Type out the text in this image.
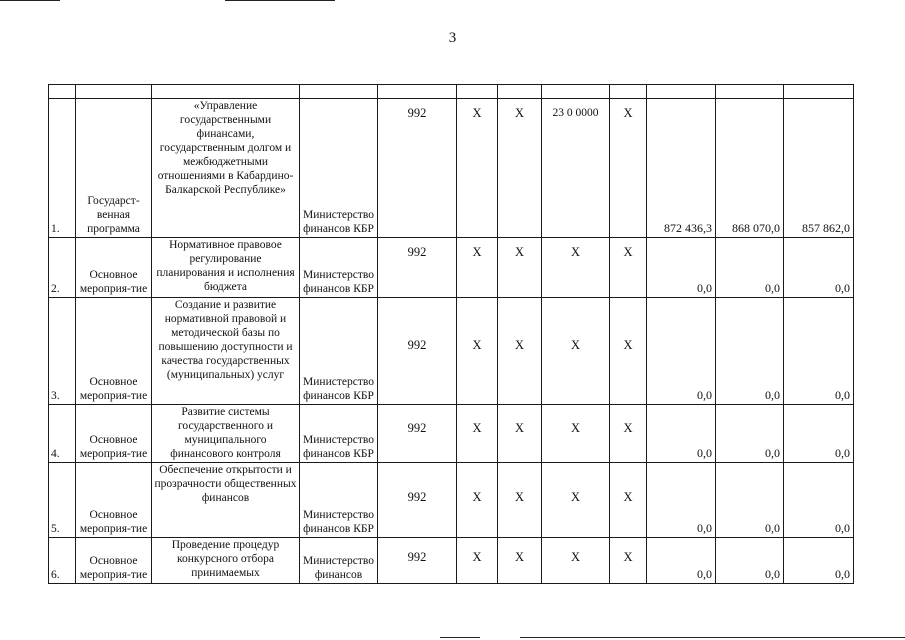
3

1.	Государст-венная программа	«Управление государственными финансами, государственным долгом и межбюджетными отношениями в Кабардино-Балкарской Республике»	Министерство финансов КБР	992	Х	Х	23 0 0000	Х	872 436,3	868 070,0	857 862,0
2.	Основное мероприя-тие	Нормативное правовое регулирование планирования и исполнения бюджета	Министерство финансов КБР	992	Х	Х	Х	Х	0,0	0,0	0,0
3.	Основное мероприя-тие	Создание и развитие нормативной правовой и методической базы по повышению доступности и качества государственных (муниципальных) услуг	Министерство финансов КБР	992	Х	Х	Х	Х	0,0	0,0	0,0
4.	Основное мероприя-тие	Развитие системы государственного и муниципального финансового контроля	Министерство финансов КБР	992	Х	Х	Х	Х	0,0	0,0	0,0
5.	Основное мероприя-тие	Обеспечение открытости и прозрачности общественных финансов	Министерство финансов КБР	992	Х	Х	Х	Х	0,0	0,0	0,0
6.	Основное мероприя-тие	Проведение процедур конкурсного отбора принимаемых	Министерство финансов	992	Х	Х	Х	Х	0,0	0,0	0,0
